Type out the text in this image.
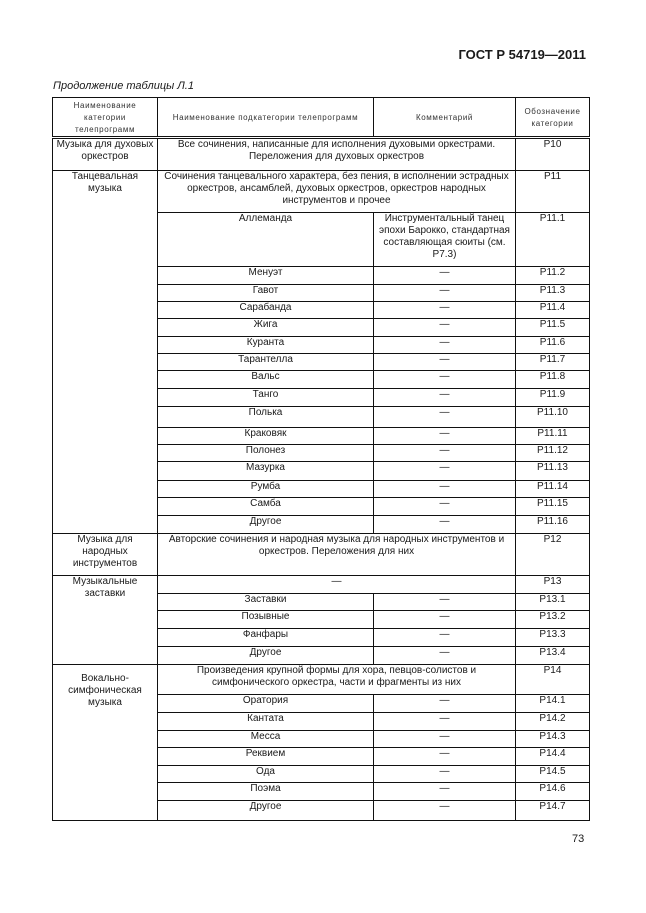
ГОСТ Р 54719—2011
Продолжение таблицы Л.1
Наименование категории телепрограмм	Наименование подкатегории телепрограмм	Комментарий	Обозначение категории
Музыка для духовых оркестров	Все сочинения, написанные для исполнения духовыми оркестрами. Переложения для духовых оркестров		P10
Танцевальная музыка	Сочинения танцевального характера, без пения, в исполнении эстрадных оркестров, ансамблей, духовых оркестров, оркестров народных инструментов и прочее		P11
	Аллеманда	Инструментальный танец эпохи Барокко, стандартная составляющая сюиты (см. P7.3)	P11.1
	Менуэт	—	P11.2
	Гавот	—	P11.3
	Сарабанда	—	P11.4
	Жига	—	P11.5
	Куранта	—	P11.6
	Тарантелла	—	P11.7
	Вальс	—	P11.8
	Танго	—	P11.9
	Полька	—	P11.10
	Краковяк	—	P11.11
	Полонез	—	P11.12
	Мазурка	—	P11.13
	Румба	—	P11.14
	Самба	—	P11.15
	Другое	—	P11.16
Музыка для народных инструментов	Авторские сочинения и народная музыка для народных инструментов и оркестров. Переложения для них		P12
Музыкальные заставки	—		P13
	Заставки	—	P13.1
	Позывные	—	P13.2
	Фанфары	—	P13.3
	Другое	—	P13.4
Вокально-симфоническая музыка	Произведения крупной формы для хора, певцов-солистов и симфонического оркестра, части и фрагменты из них		P14
	Оратория	—	P14.1
	Кантата	—	P14.2
	Месса	—	P14.3
	Реквием	—	P14.4
	Ода	—	P14.5
	Поэма	—	P14.6
	Другое	—	P14.7
73
